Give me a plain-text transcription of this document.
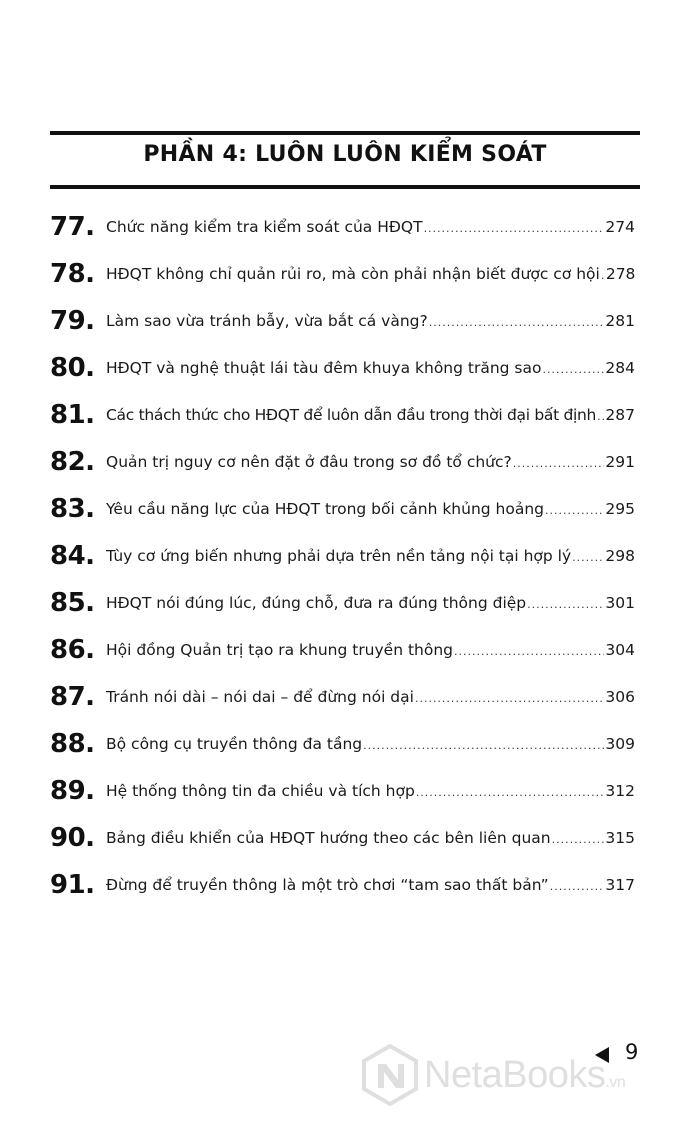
PHẦN 4: LUÔN LUÔN KIỂM SOÁT
77. Chức năng kiểm tra kiểm soát của HĐQT .....	274
78. HĐQT không chỉ quản rủi ro, mà còn phải nhận biết được cơ hội ..... 278
79. Làm sao vừa tránh bẫy, vừa bắt cá vàng? .....	281
80. HĐQT và nghệ thuật lái tàu đêm khuya không trăng sao .....	284
81. Các thách thức cho HĐQT để luôn dẫn đầu trong thời đại bất định ..... 287
82. Quản trị nguy cơ nên đặt ở đâu trong sơ đồ tổ chức? .....	291
83. Yêu cầu năng lực của HĐQT trong bối cảnh khủng hoảng .....	295
84. Tùy cơ ứng biến nhưng phải dựa trên nền tảng nội tại hợp lý ..... 298
85. HĐQT nói đúng lúc, đúng chỗ, đưa ra đúng thông điệp .....	301
86. Hội đồng Quản trị tạo ra khung truyền thông .....	304
87. Tránh nói dài – nói dai – để đừng nói dại .....	306
88. Bộ công cụ truyền thông đa tầng .....	309
89. Hệ thống thông tin đa chiều và tích hợp .....	312
90. Bảng điều khiển của HĐQT hướng theo các bên liên quan .....	315
91. Đừng để truyền thông là một trò chơi “tam sao thất bản” .....	317
NetaBooks.vn
9
